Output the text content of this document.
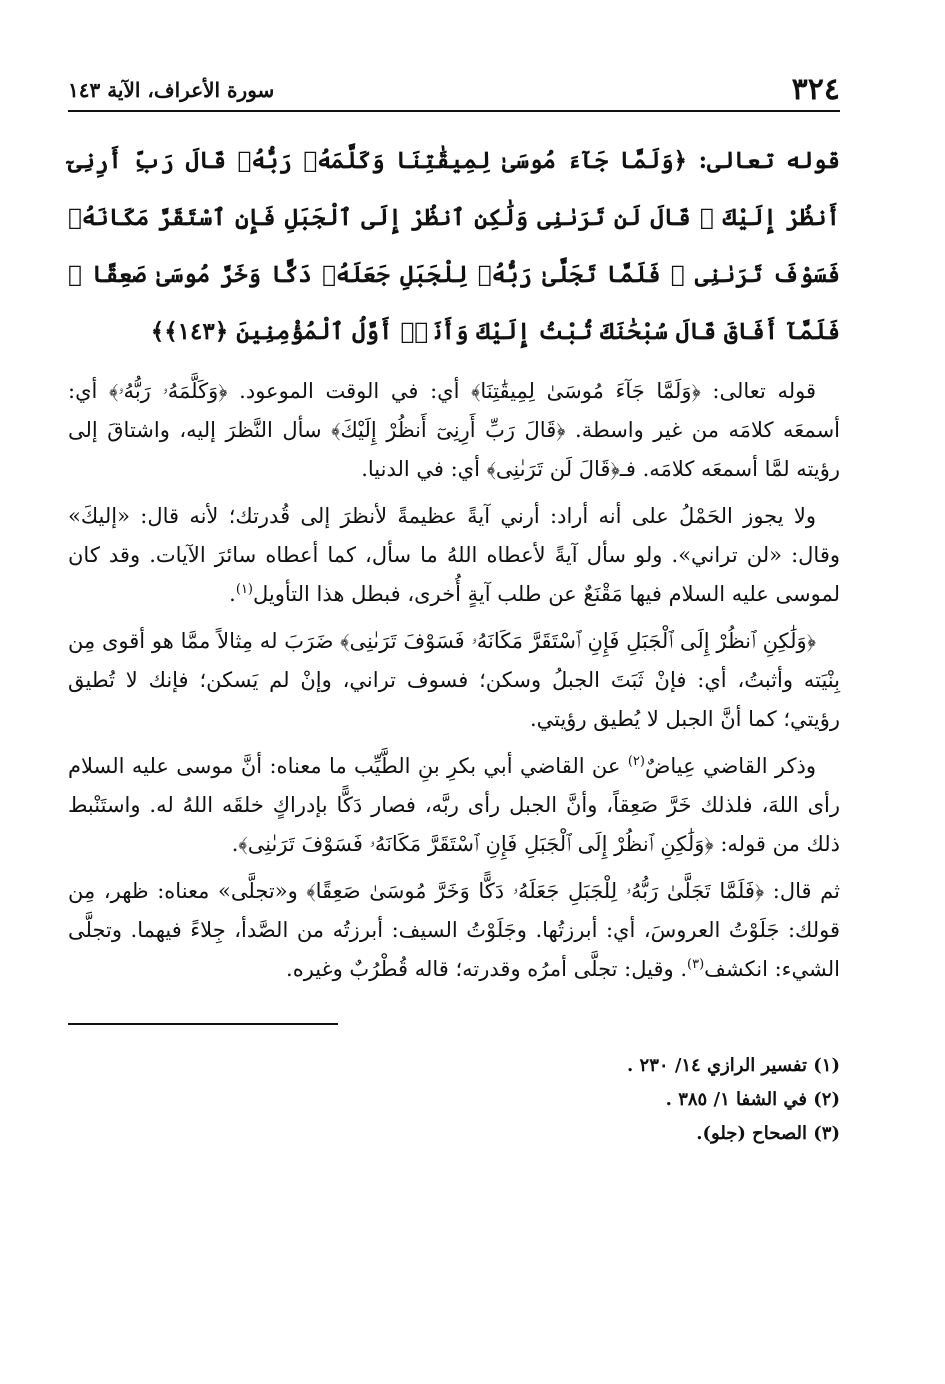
٣٢٤
سورة الأعراف، الآية ١٤٣
قوله تعالى: ﴿وَلَمَّا جَآءَ مُوسَىٰ لِمِيقَٰتِنَا وَكَلَّمَهُۥ رَبُّهُۥ قَالَ رَبِّ أَرِنِىٓ أَنظُرْ إِلَيْكَ ۚ قَالَ لَن تَرَىٰنِى وَلَٰكِنِ ٱنظُرْ إِلَى ٱلْجَبَلِ فَإِنِ ٱسْتَقَرَّ مَكَانَهُۥ فَسَوْفَ تَرَىٰنِى ۚ فَلَمَّا تَجَلَّىٰ رَبُّهُۥ لِلْجَبَلِ جَعَلَهُۥ دَكًّا وَخَرَّ مُوسَىٰ صَعِقًا ۚ فَلَمَّآ أَفَاقَ قَالَ سُبْحَٰنَكَ تُبْتُ إِلَيْكَ وَأَنَا۠ أَوَّلُ ٱلْمُؤْمِنِينَ ﴿١٤٣﴾﴾

قوله تعالى: ﴿وَلَمَّا جَآءَ مُوسَىٰ لِمِيقَٰتِنَا﴾ أي: في الوقت الموعود. ﴿وَكَلَّمَهُۥ رَبُّهُۥ﴾ أي: أسمعَه كلامَه من غير واسطة. ﴿قَالَ رَبِّ أَرِنِىٓ أَنظُرْ إِلَيْكَ﴾ سأل النَّظرَ إليه، واشتاقَ إلى رؤيته لمَّا أسمعَه كلامَه. فـ﴿قَالَ لَن تَرَىٰنِى﴾ أي: في الدنيا.

ولا يجوز الحَمْلُ على أنه أراد: أرني آيةً عظيمةً لأنظرَ إلى قُدرتك؛ لأنه قال: «إليكَ» وقال: «لن تراني». ولو سأل آيةً لأعطاه اللهُ ما سأل، كما أعطاه سائرَ الآيات. وقد كان لموسى عليه السلام فيها مَقْنَعٌ عن طلب آيةٍ أُخرى، فبطل هذا التأويل$^{(١)}$.

﴿وَلَٰكِنِ ٱنظُرْ إِلَى ٱلْجَبَلِ فَإِنِ ٱسْتَقَرَّ مَكَانَهُۥ فَسَوْفَ تَرَىٰنِى﴾ ضَرَبَ له مِثالاً ممَّا هو أقوى مِن بِنْيَته وأثبتُ، أي: فإنْ ثَبَتَ الجبلُ وسكن؛ فسوف تراني، وإنْ لم يَسكن؛ فإنك لا تُطيق رؤيتي؛ كما أنَّ الجبل لا يُطيق رؤيتي.

وذكر القاضي عِياضٌ$^{(٢)}$ عن القاضي أبي بكرِ بنِ الطَّيِّب ما معناه: أنَّ موسى عليه السلام رأى اللهَ، فلذلك خَرَّ صَعِقاً، وأنَّ الجبل رأى ربَّه، فصار دَكًّا بإدراكٍ خلقَه اللهُ له. واستَنْبط ذلك من قوله: ﴿وَلَٰكِنِ ٱنظُرْ إِلَى ٱلْجَبَلِ فَإِنِ ٱسْتَقَرَّ مَكَانَهُۥ فَسَوْفَ تَرَىٰنِى﴾.

ثم قال: ﴿فَلَمَّا تَجَلَّىٰ رَبُّهُۥ لِلْجَبَلِ جَعَلَهُۥ دَكًّا وَخَرَّ مُوسَىٰ صَعِقًا﴾ و«تجلَّى» معناه: ظهر، مِن قولك: جَلَوْتُ العروسَ، أي: أبرزتُها. وجَلَوْتُ السيف: أبرزتُه من الصَّدأ، جِلاءً فيهما. وتجلَّى الشيء: انكشف$^{(٣)}$. وقيل: تجلَّى أمرُه وقدرته؛ قاله قُطْرُبٌ وغيره.

(١) تفسير الرازي ١٤/ ٢٣٠ .
(٢) في الشفا ١/ ٣٨٥ .
(٣) الصحاح (جلو).
